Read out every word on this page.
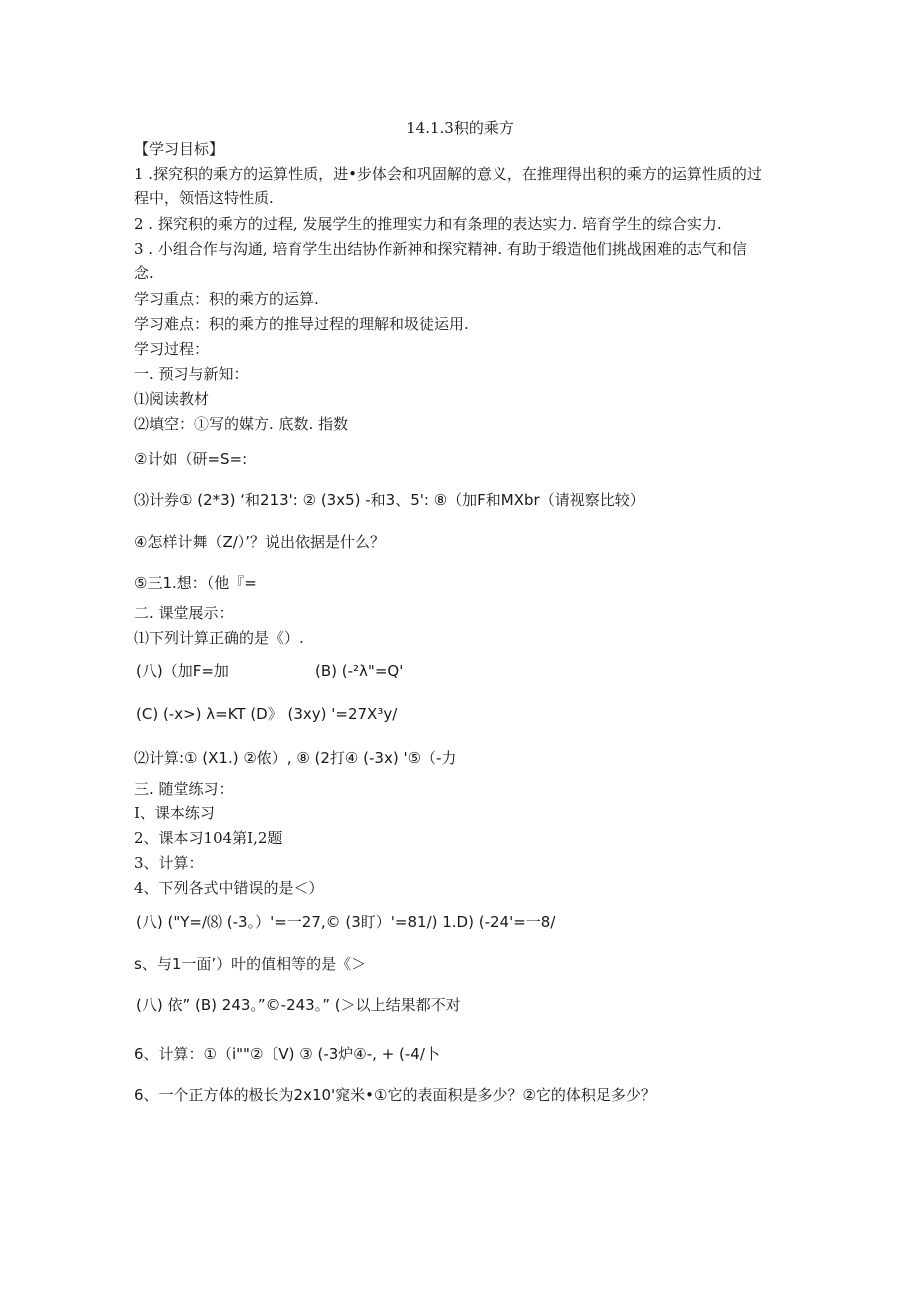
14.1.3积的乘方
【学习目标】
1 .探究积的乘方的运算性质，进•步体会和巩固解的意义，在推理得出积的乘方的运算性质的过
程中，领悟这特性质.
2 . 探究积的乘方的过程, 发展学生的推理实力和有条理的表达实力. 培育学生的综合实力.
3 . 小组合作与沟通, 培育学生出结协作新神和探究精神. 有助于缎造他们挑战困难的志气和信
念.
学习重点：积的乘方的运算.
学习难点：积的乘方的推导过程的理解和圾徒运用.
学习过程：
一. 预习与新知：
⑴阅读教材
⑵填空：①写的媒方. 底数. 指数
②计如（研=S=:
⑶计券① (2*3) ‘和213': ② (3x5) -和3、5': ⑧（加F和MXbr（请视察比较）
④怎样计舞（Z/）’？说出依据是什么？
⑤三1.想：（他『=
二. 课堂展示：
⑴下列计算正确的是《）.
(八)（加F=加	(B) (-²λ"=Q'
(C) (-x>) λ=KT (D》 (3xy) '=27X³y/
⑵计算:① (X1.) ②侬）, ⑧ (2打④ (-3x) '⑤（-力
三. 随堂练习：
I、课本练习
2、课本习104第I,2题
3、计算：
4、下列各式中错误的是＜）
(八) ("Y=/⑻ (-3。）'=一27,© (3盯）'=81/) 1.D) (-24'=一8/
s、与1一面’）叶的值相等的是《＞
(八) 依” (B) 243。”©-243。” (＞以上结果都不对
6、计算：①（i""②〔V) ③ (-3炉④-, + (-4/卜
6、一个正方体的极长为2x10'窕米•①它的表面积是多少？②它的体积足多少？
